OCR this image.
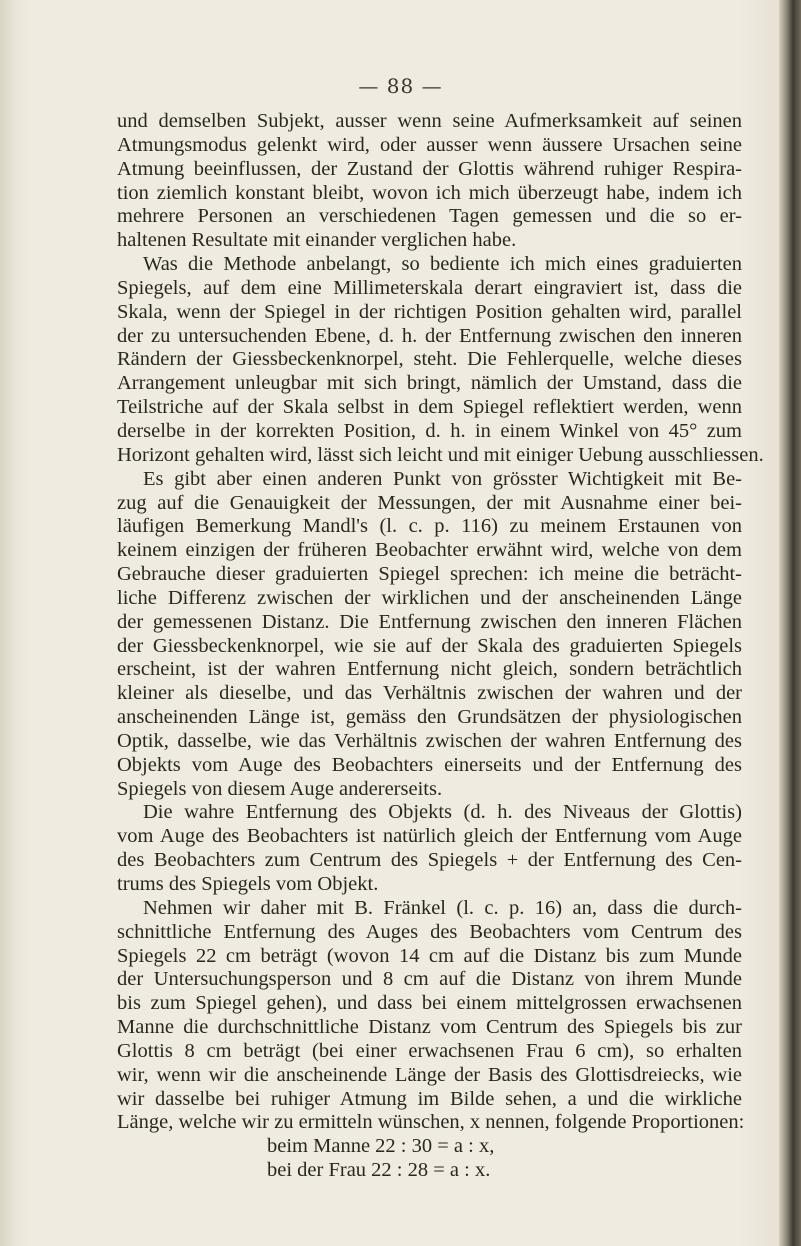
— 88 —

und demselben Subjekt, ausser wenn seine Aufmerksamkeit auf seinen
Atmungsmodus gelenkt wird, oder ausser wenn äussere Ursachen seine
Atmung beeinflussen, der Zustand der Glottis während ruhiger Respira-
tion ziemlich konstant bleibt, wovon ich mich überzeugt habe, indem ich
mehrere Personen an verschiedenen Tagen gemessen und die so er-
haltenen Resultate mit einander verglichen habe.

Was die Methode anbelangt, so bediente ich mich eines graduierten
Spiegels, auf dem eine Millimeterskala derart eingraviert ist, dass die
Skala, wenn der Spiegel in der richtigen Position gehalten wird, parallel
der zu untersuchenden Ebene, d. h. der Entfernung zwischen den inneren
Rändern der Giessbeckenknorpel, steht. Die Fehlerquelle, welche dieses
Arrangement unleugbar mit sich bringt, nämlich der Umstand, dass die
Teilstriche auf der Skala selbst in dem Spiegel reflektiert werden, wenn
derselbe in der korrekten Position, d. h. in einem Winkel von 45° zum
Horizont gehalten wird, lässt sich leicht und mit einiger Uebung ausschliessen.

Es gibt aber einen anderen Punkt von grösster Wichtigkeit mit Be-
zug auf die Genauigkeit der Messungen, der mit Ausnahme einer bei-
läufigen Bemerkung Mandl's (l. c. p. 116) zu meinem Erstaunen von
keinem einzigen der früheren Beobachter erwähnt wird, welche von dem
Gebrauche dieser graduierten Spiegel sprechen: ich meine die beträcht-
liche Differenz zwischen der wirklichen und der anscheinenden Länge
der gemessenen Distanz. Die Entfernung zwischen den inneren Flächen
der Giessbeckenknorpel, wie sie auf der Skala des graduierten Spiegels
erscheint, ist der wahren Entfernung nicht gleich, sondern beträchtlich
kleiner als dieselbe, und das Verhältnis zwischen der wahren und der
anscheinenden Länge ist, gemäss den Grundsätzen der physiologischen
Optik, dasselbe, wie das Verhältnis zwischen der wahren Entfernung des
Objekts vom Auge des Beobachters einerseits und der Entfernung des
Spiegels von diesem Auge andererseits.

Die wahre Entfernung des Objekts (d. h. des Niveaus der Glottis)
vom Auge des Beobachters ist natürlich gleich der Entfernung vom Auge
des Beobachters zum Centrum des Spiegels + der Entfernung des Cen-
trums des Spiegels vom Objekt.

Nehmen wir daher mit B. Fränkel (l. c. p. 16) an, dass die durch-
schnittliche Entfernung des Auges des Beobachters vom Centrum des
Spiegels 22 cm beträgt (wovon 14 cm auf die Distanz bis zum Munde
der Untersuchungsperson und 8 cm auf die Distanz von ihrem Munde
bis zum Spiegel gehen), und dass bei einem mittelgrossen erwachsenen
Manne die durchschnittliche Distanz vom Centrum des Spiegels bis zur
Glottis 8 cm beträgt (bei einer erwachsenen Frau 6 cm), so erhalten
wir, wenn wir die anscheinende Länge der Basis des Glottisdreiecks, wie
wir dasselbe bei ruhiger Atmung im Bilde sehen, a und die wirkliche
Länge, welche wir zu ermitteln wünschen, x nennen, folgende Proportionen:

beim Manne 22 : 30 = a : x,
bei der Frau 22 : 28 = a : x.
